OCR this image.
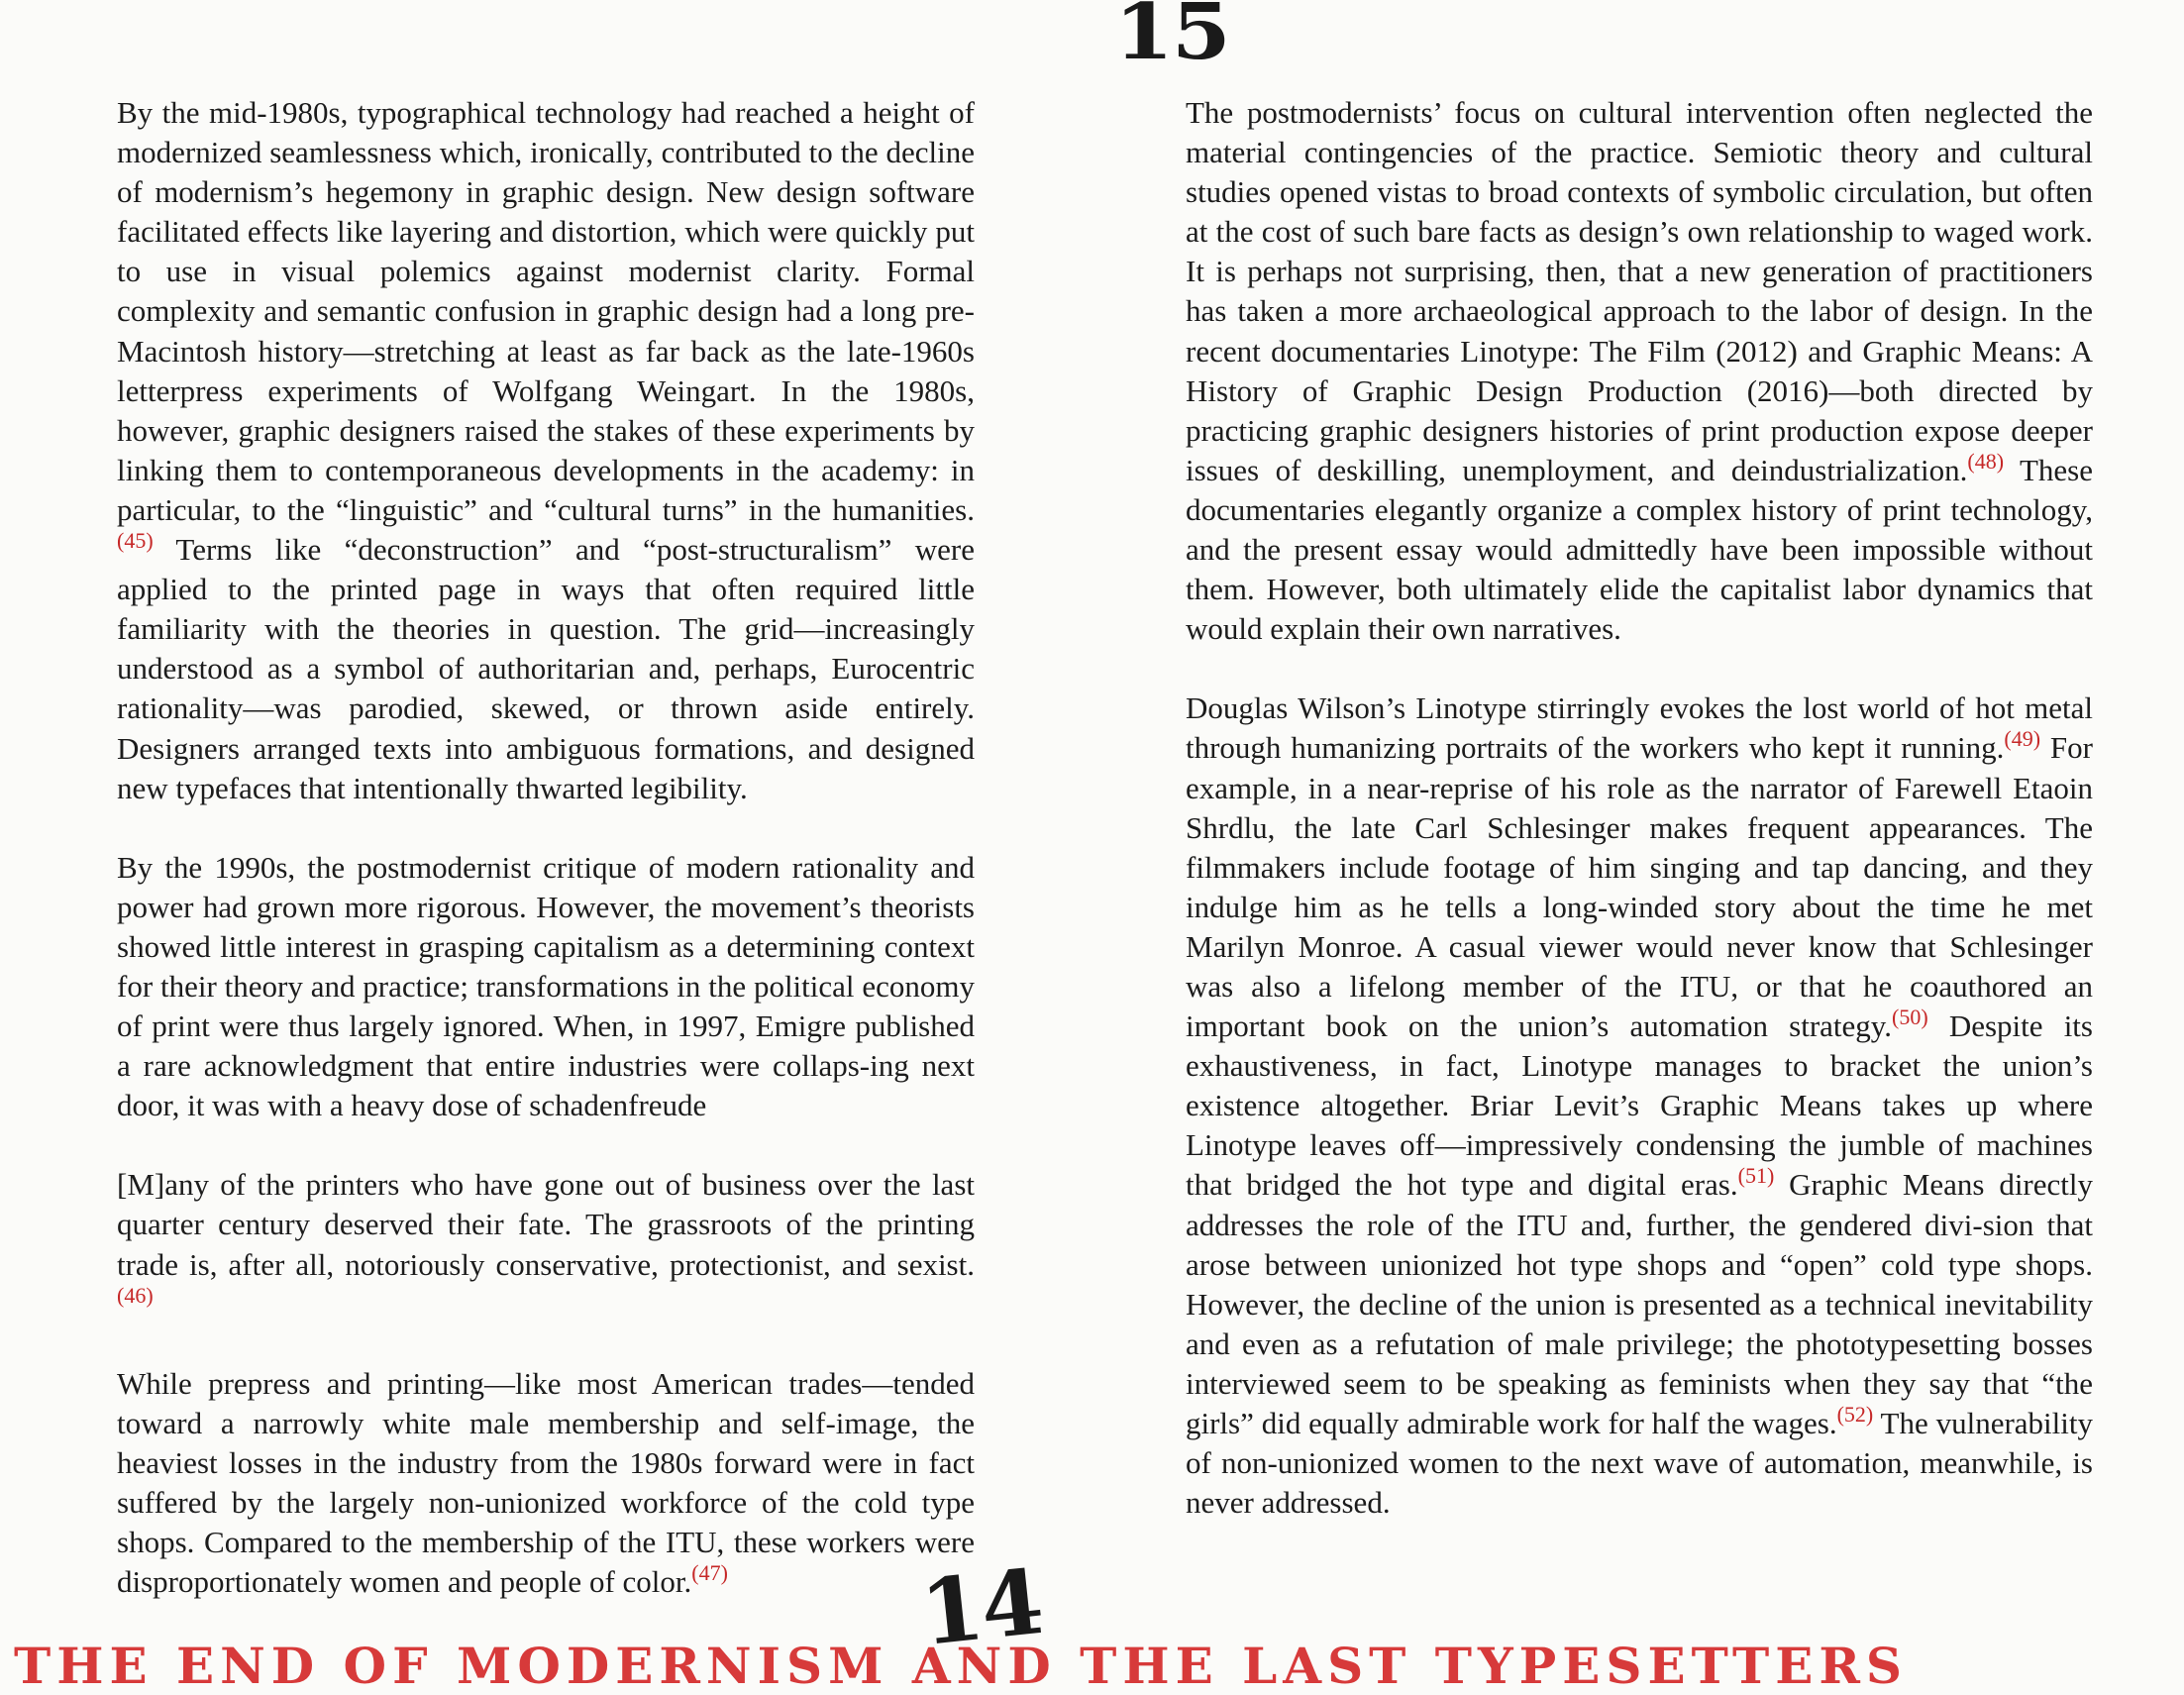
15

By the mid-1980s, typographical technology had reached a height of modernized seamlessness which, ironically, contributed to the decline of modernism’s hegemony in graphic design. New design software facilitated effects like layering and distortion, which were quickly put to use in visual polemics against modernist clarity. Formal complexity and semantic confusion in graphic design had a long pre-Macintosh history—stretching at least as far back as the late-1960s letterpress experiments of Wolfgang Weingart. In the 1980s, however, graphic designers raised the stakes of these experiments by linking them to contemporaneous developments in the academy: in particular, to the “linguistic” and “cultural turns” in the humanities.$^{(45)}$ Terms like “deconstruction” and “post-structuralism” were applied to the printed page in ways that often required little familiarity with the theories in question. The grid—increasingly understood as a symbol of authoritarian and, perhaps, Eurocentric rationality—was parodied, skewed, or thrown aside entirely. Designers arranged texts into ambiguous formations, and designed new typefaces that intentionally thwarted legibility.

By the 1990s, the postmodernist critique of modern rationality and power had grown more rigorous. However, the movement’s theorists showed little interest in grasping capitalism as a determining context for their theory and practice; transformations in the political economy of print were thus largely ignored. When, in 1997, Emigre published a rare acknowledgment that entire industries were collaps-ing next door, it was with a heavy dose of schadenfreude

[M]any of the printers who have gone out of business over the last quarter century deserved their fate. The grassroots of the printing trade is, after all, notoriously conservative, protectionist, and sexist.$^{(46)}$

While prepress and printing—like most American trades—tended toward a narrowly white male membership and self-image, the heaviest losses in the industry from the 1980s forward were in fact suffered by the largely non-unionized workforce of the cold type shops. Compared to the membership of the ITU, these workers were disproportionately women and people of color.$^{(47)}$

The postmodernists’ focus on cultural intervention often neglected the material contingencies of the practice. Semiotic theory and cultural studies opened vistas to broad contexts of symbolic circulation, but often at the cost of such bare facts as design’s own relationship to waged work. It is perhaps not surprising, then, that a new generation of practitioners has taken a more archaeological approach to the labor of design. In the recent documentaries Linotype: The Film (2012) and Graphic Means: A History of Graphic Design Production (2016)—both directed by practicing graphic designers histories of print production expose deeper issues of deskilling, unemployment, and deindustrialization.$^{(48)}$ These documentaries elegantly organize a complex history of print technology, and the present essay would admittedly have been impossible without them. However, both ultimately elide the capitalist labor dynamics that would explain their own narratives.

Douglas Wilson’s Linotype stirringly evokes the lost world of hot metal through humanizing portraits of the workers who kept it running.$^{(49)}$ For example, in a near-reprise of his role as the narrator of Farewell Etaoin Shrdlu, the late Carl Schlesinger makes frequent appearances. The filmmakers include footage of him singing and tap dancing, and they indulge him as he tells a long-winded story about the time he met Marilyn Monroe. A casual viewer would never know that Schlesinger was also a lifelong member of the ITU, or that he coauthored an important book on the union’s automation strategy.$^{(50)}$ Despite its exhaustiveness, in fact, Linotype manages to bracket the union’s existence altogether. Briar Levit’s Graphic Means takes up where Linotype leaves off—impressively condensing the jumble of machines that bridged the hot type and digital eras.$^{(51)}$ Graphic Means directly addresses the role of the ITU and, further, the gendered divi-sion that arose between unionized hot type shops and “open” cold type shops. However, the decline of the union is presented as a technical inevitability and even as a refutation of male privilege; the phototypesetting bosses interviewed seem to be speaking as feminists when they say that “the girls” did equally admirable work for half the wages.$^{(52)}$ The vulnerability of non-unionized women to the next wave of automation, meanwhile, is never addressed.

14
THE END OF MODERNISM AND THE LAST TYPESETTERS
